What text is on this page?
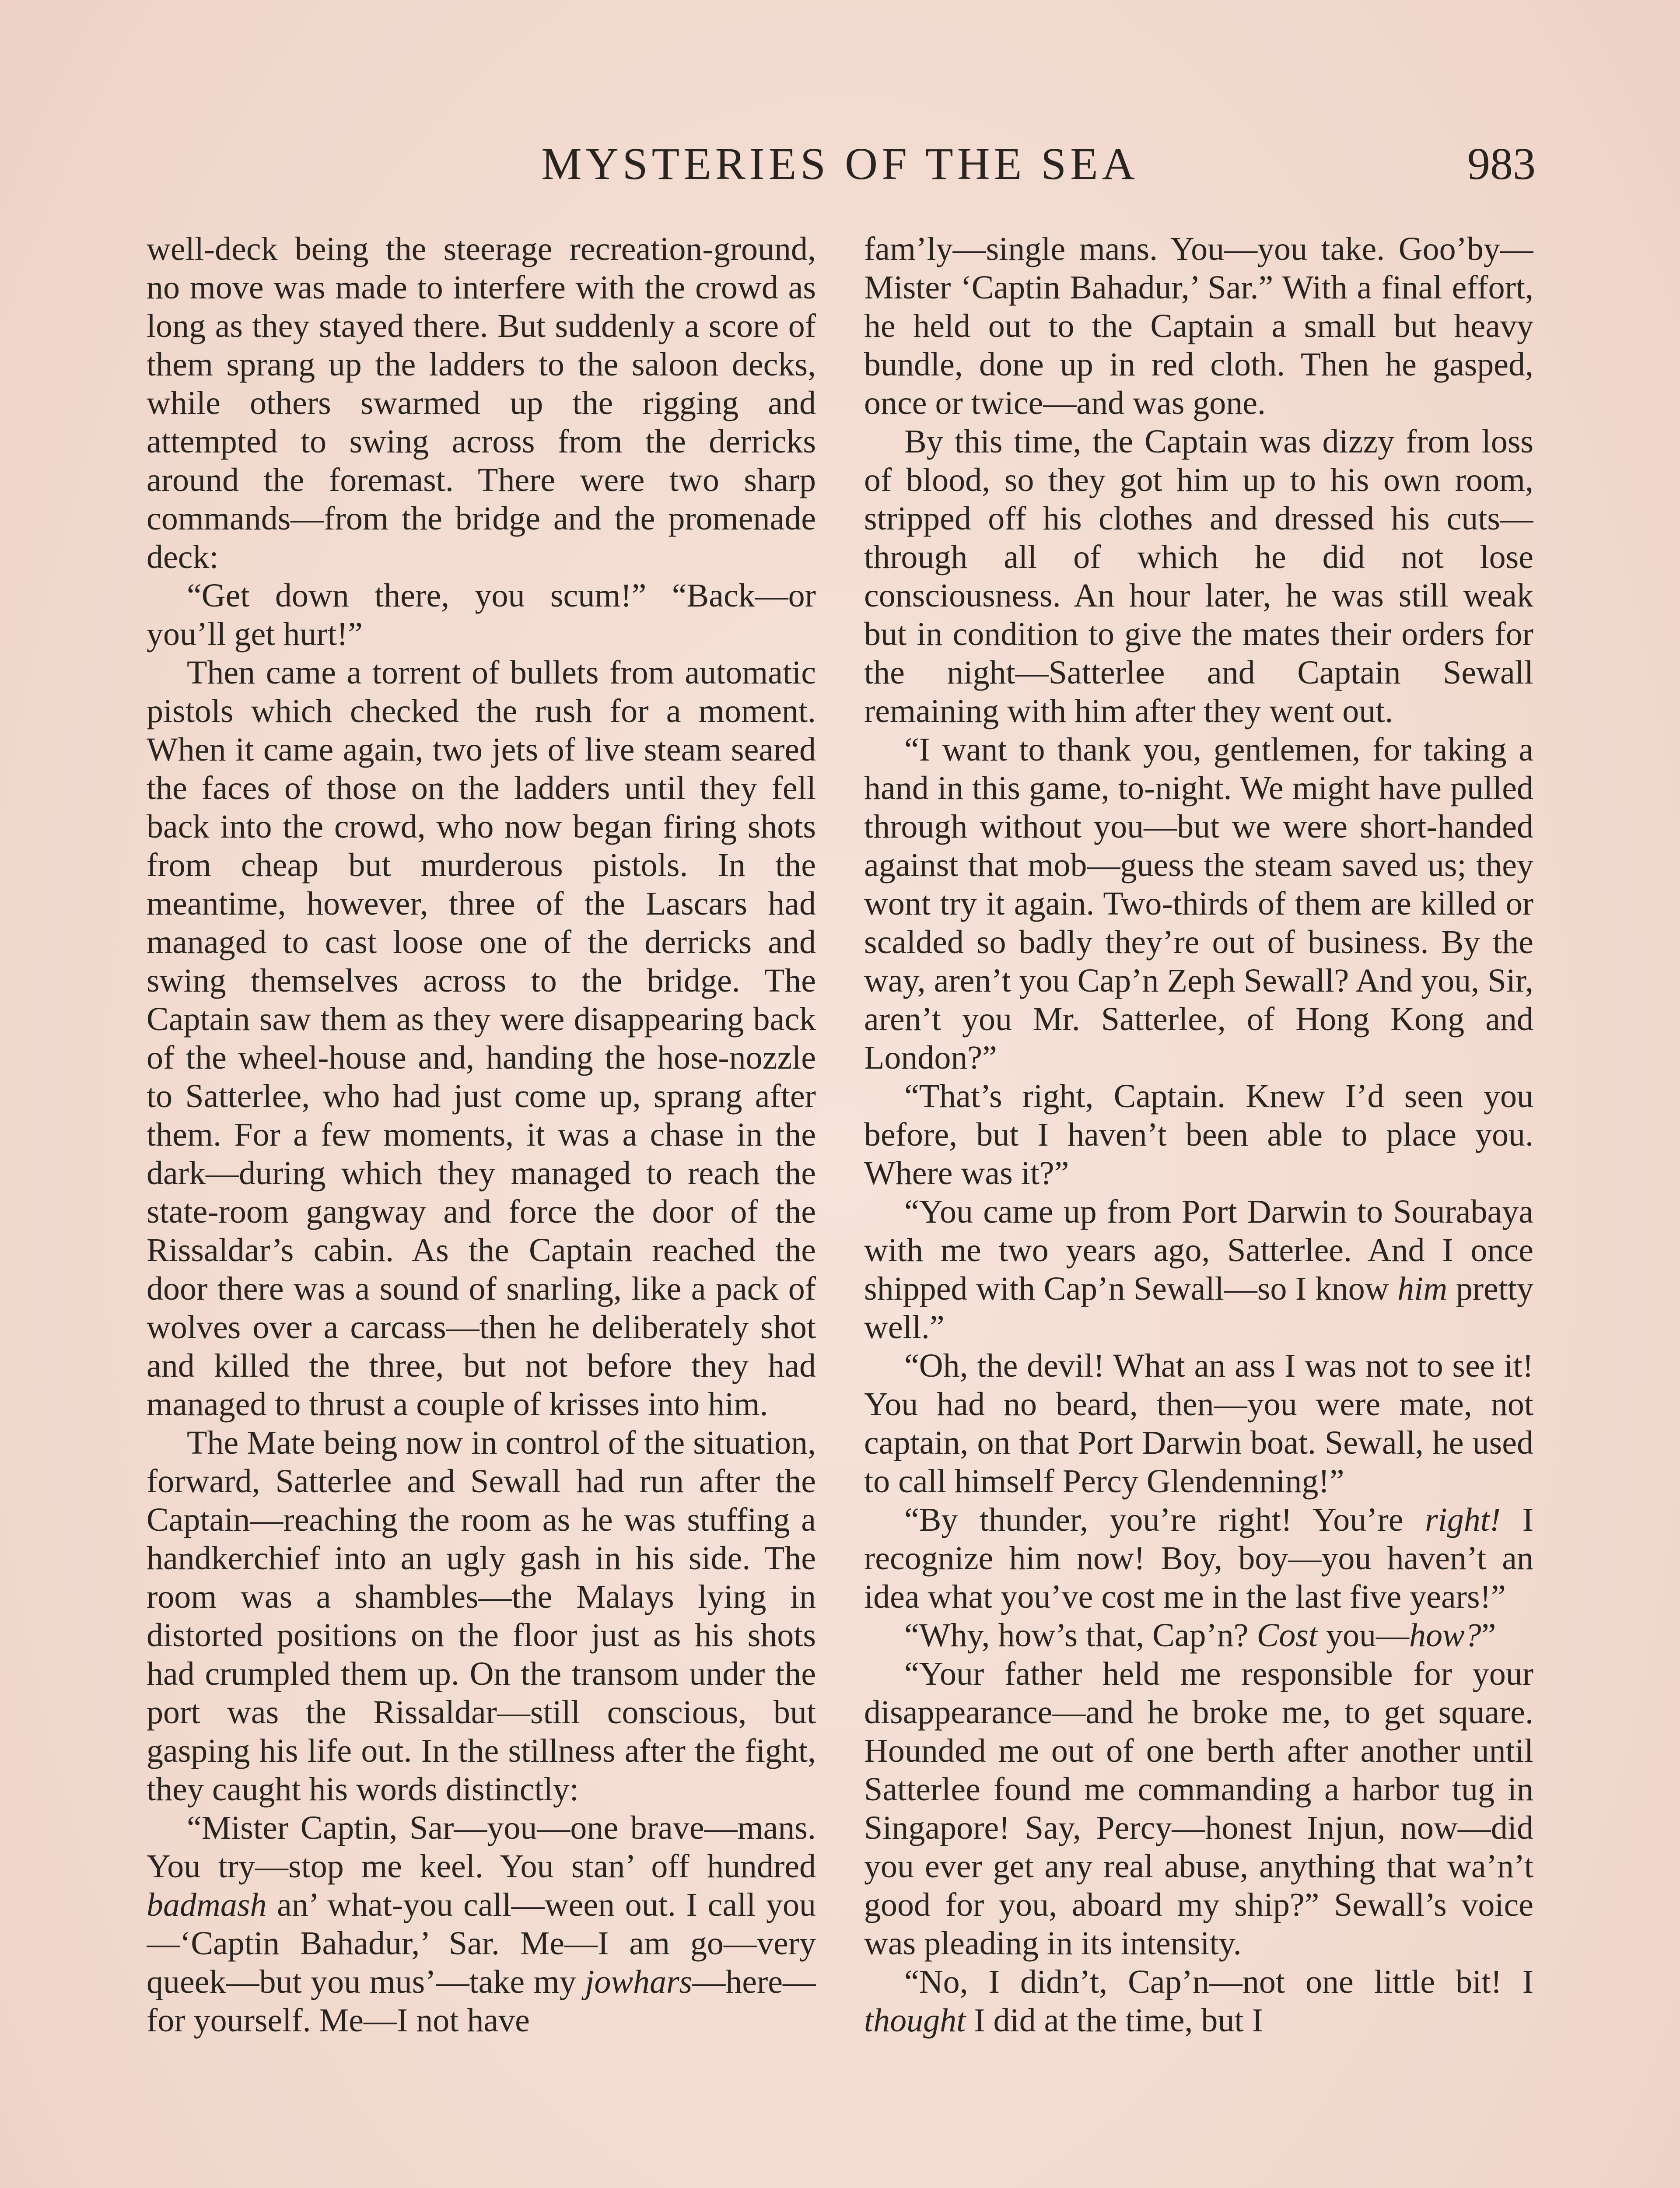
MYSTERIES OF THE SEA	983

well-deck being the steerage recreation-ground, no move was made to interfere with the crowd as long as they stayed there. But suddenly a score of them sprang up the ladders to the saloon decks, while others swarmed up the rigging and attempted to swing across from the derricks around the foremast. There were two sharp commands—from the bridge and the promenade deck:

“Get down there, you scum!” “Back—or you’ll get hurt!”

Then came a torrent of bullets from automatic pistols which checked the rush for a moment. When it came again, two jets of live steam seared the faces of those on the ladders until they fell back into the crowd, who now began firing shots from cheap but murderous pistols. In the meantime, however, three of the Lascars had managed to cast loose one of the derricks and swing themselves across to the bridge. The Captain saw them as they were disappearing back of the wheel-house and, handing the hose-nozzle to Satterlee, who had just come up, sprang after them. For a few moments, it was a chase in the dark—during which they managed to reach the state-room gangway and force the door of the Rissaldar’s cabin. As the Captain reached the door there was a sound of snarling, like a pack of wolves over a carcass—then he deliberately shot and killed the three, but not before they had managed to thrust a couple of krisses into him.

The Mate being now in control of the situation, forward, Satterlee and Sewall had run after the Captain—reaching the room as he was stuffing a handkerchief into an ugly gash in his side. The room was a shambles—the Malays lying in distorted positions on the floor just as his shots had crumpled them up. On the transom under the port was the Rissaldar—still conscious, but gasping his life out. In the stillness after the fight, they caught his words distinctly:

“Mister Captin, Sar—you—one brave—mans. You try—stop me keel. You stan’ off hundred badmash an’ what-you call—ween out. I call you—‘Captin Bahadur,’ Sar. Me—I am go—very queek—but you mus’—take my jowhars—here—for yourself. Me—I not have

fam’ly—single mans. You—you take. Goo’by—Mister ‘Captin Bahadur,’ Sar.” With a final effort, he held out to the Captain a small but heavy bundle, done up in red cloth. Then he gasped, once or twice—and was gone.

By this time, the Captain was dizzy from loss of blood, so they got him up to his own room, stripped off his clothes and dressed his cuts—through all of which he did not lose consciousness. An hour later, he was still weak but in condition to give the mates their orders for the night—Satterlee and Captain Sewall remaining with him after they went out.

“I want to thank you, gentlemen, for taking a hand in this game, to-night. We might have pulled through without you—but we were short-handed against that mob—guess the steam saved us; they wont try it again. Two-thirds of them are killed or scalded so badly they’re out of business. By the way, aren’t you Cap’n Zeph Sewall? And you, Sir, aren’t you Mr. Satterlee, of Hong Kong and London?”

“That’s right, Captain. Knew I’d seen you before, but I haven’t been able to place you. Where was it?”

“You came up from Port Darwin to Sourabaya with me two years ago, Satterlee. And I once shipped with Cap’n Sewall—so I know him pretty well.”

“Oh, the devil! What an ass I was not to see it! You had no beard, then—you were mate, not captain, on that Port Darwin boat. Sewall, he used to call himself Percy Glendenning!”

“By thunder, you’re right! You’re right! I recognize him now! Boy, boy—you haven’t an idea what you’ve cost me in the last five years!”

“Why, how’s that, Cap’n? Cost you—how?”

“Your father held me responsible for your disappearance—and he broke me, to get square. Hounded me out of one berth after another until Satterlee found me commanding a harbor tug in Singapore! Say, Percy—honest Injun, now—did you ever get any real abuse, anything that wa’n’t good for you, aboard my ship?” Sewall’s voice was pleading in its intensity.

“No, I didn’t, Cap’n—not one little bit! I thought I did at the time, but I
